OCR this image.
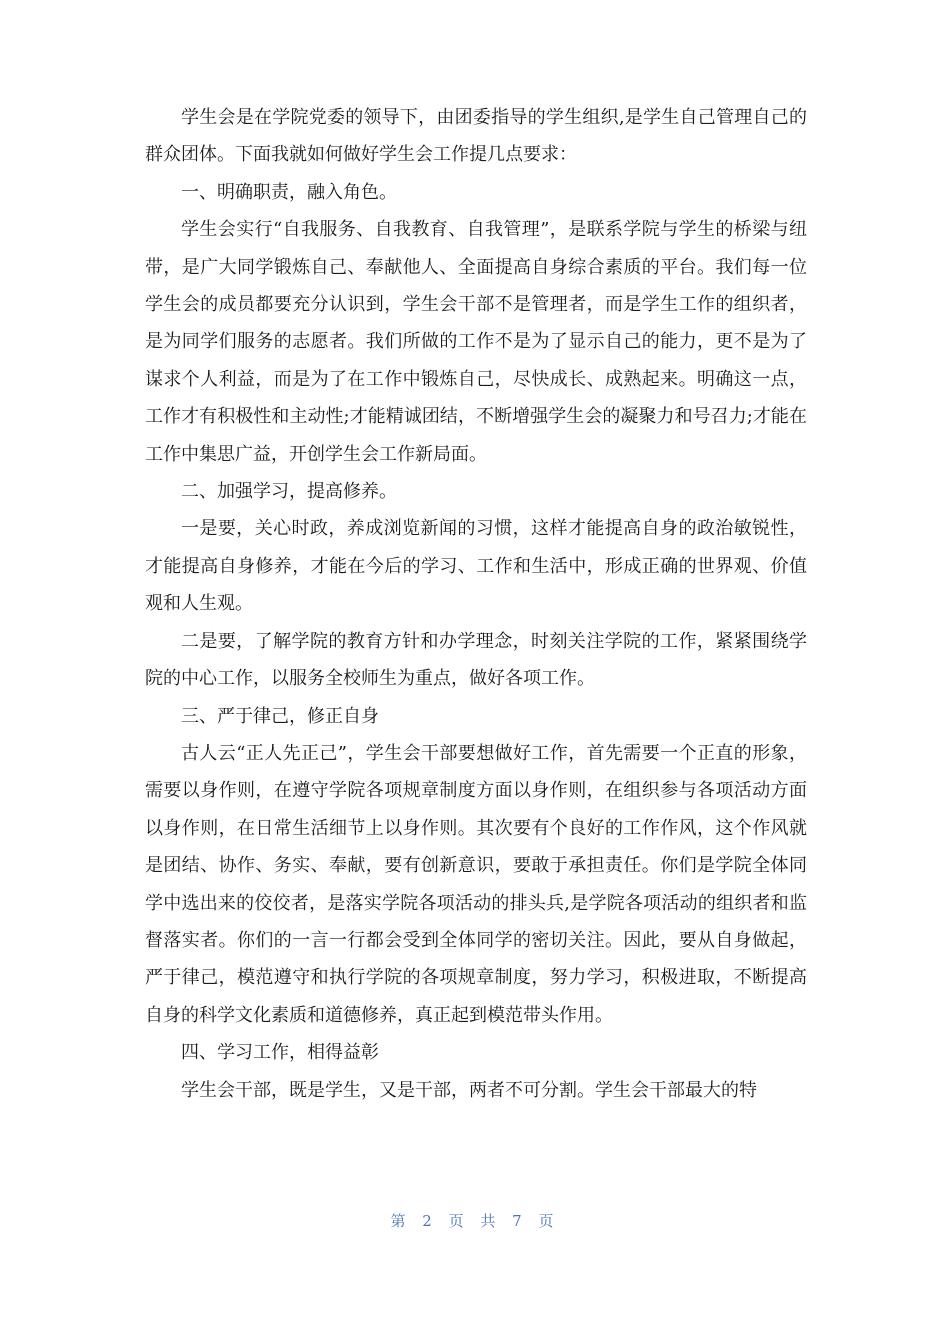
学生会是在学院党委的领导下，由团委指导的学生组织,是学生自己管理自己的群众团体。下面我就如何做好学生会工作提几点要求：

一、明确职责，融入角色。

学生会实行“自我服务、自我教育、自我管理”，是联系学院与学生的桥梁与纽带，是广大同学锻炼自己、奉献他人、全面提高自身综合素质的平台。我们每一位学生会的成员都要充分认识到，学生会干部不是管理者，而是学生工作的组织者，是为同学们服务的志愿者。我们所做的工作不是为了显示自己的能力，更不是为了谋求个人利益，而是为了在工作中锻炼自己，尽快成长、成熟起来。明确这一点，工作才有积极性和主动性;才能精诚团结，不断增强学生会的凝聚力和号召力;才能在工作中集思广益，开创学生会工作新局面。

二、加强学习，提高修养。

一是要，关心时政，养成浏览新闻的习惯，这样才能提高自身的政治敏锐性，才能提高自身修养，才能在今后的学习、工作和生活中，形成正确的世界观、价值观和人生观。

二是要，了解学院的教育方针和办学理念，时刻关注学院的工作，紧紧围绕学院的中心工作，以服务全校师生为重点，做好各项工作。

三、严于律己，修正自身

古人云“正人先正己”，学生会干部要想做好工作，首先需要一个正直的形象，需要以身作则，在遵守学院各项规章制度方面以身作则，在组织参与各项活动方面以身作则，在日常生活细节上以身作则。其次要有个良好的工作作风，这个作风就是团结、协作、务实、奉献，要有创新意识，要敢于承担责任。你们是学院全体同学中选出来的佼佼者，是落实学院各项活动的排头兵,是学院各项活动的组织者和监督落实者。你们的一言一行都会受到全体同学的密切关注。因此，要从自身做起，严于律己，模范遵守和执行学院的各项规章制度，努力学习，积极进取，不断提高自身的科学文化素质和道德修养，真正起到模范带头作用。

四、学习工作，相得益彰

学生会干部，既是学生，又是干部，两者不可分割。学生会干部最大的特

第 2 页 共 7 页
